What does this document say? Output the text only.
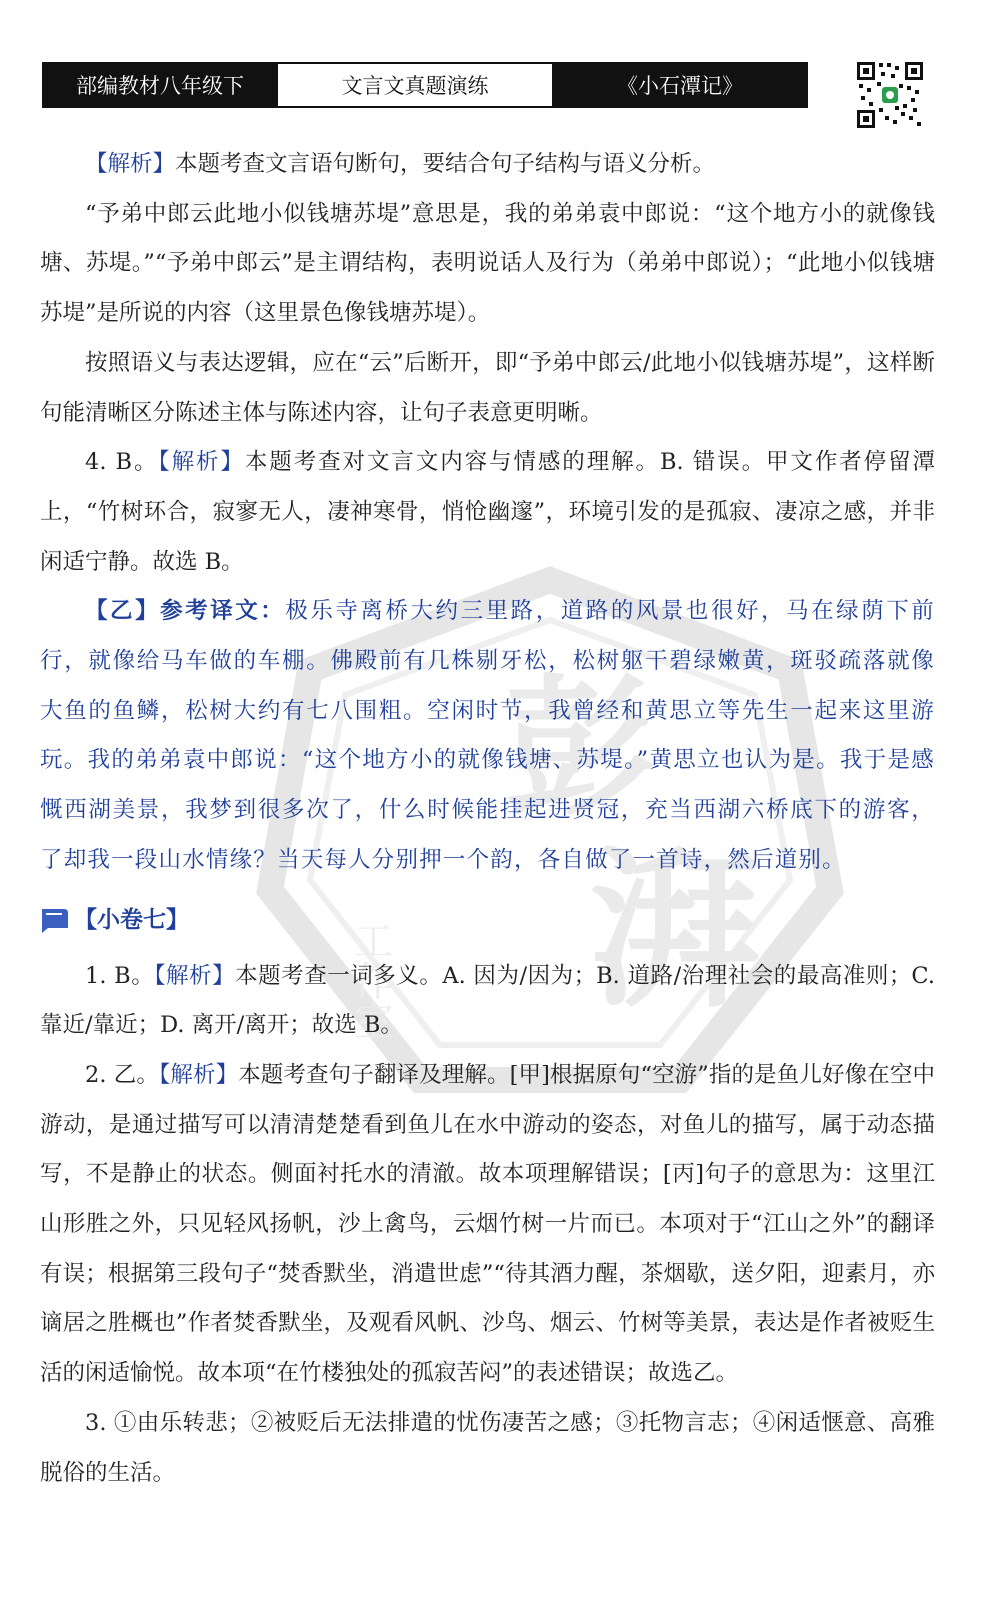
部编教材八年级下	文言文真题演练	《小石潭记》
彭
湃
工作室

【解析】本题考查文言语句断句，要结合句子结构与语义分析。

“予弟中郎云此地小似钱塘苏堤”意思是，我的弟弟袁中郎说：“这个地方小的就像钱塘、苏堤。”“予弟中郎云”是主谓结构，表明说话人及行为（弟弟中郎说）；“此地小似钱塘苏堤”是所说的内容（这里景色像钱塘苏堤）。

按照语义与表达逻辑，应在“云”后断开，即“予弟中郎云/此地小似钱塘苏堤”，这样断句能清晰区分陈述主体与陈述内容，让句子表意更明晰。

4. B。【解析】本题考查对文言文内容与情感的理解。B. 错误。甲文作者停留潭上，“竹树环合，寂寥无人，凄神寒骨，悄怆幽邃”，环境引发的是孤寂、凄凉之感，并非闲适宁静。故选 B。

【乙】参考译文：极乐寺离桥大约三里路，道路的风景也很好，马在绿荫下前行，就像给马车做的车棚。佛殿前有几株剔牙松，松树躯干碧绿嫩黄，斑驳疏落就像大鱼的鱼鳞，松树大约有七八围粗。空闲时节，我曾经和黄思立等先生一起来这里游玩。我的弟弟袁中郎说：“这个地方小的就像钱塘、苏堤。”黄思立也认为是。我于是感慨西湖美景，我梦到很多次了，什么时候能挂起进贤冠，充当西湖六桥底下的游客，了却我一段山水情缘？当天每人分别押一个韵，各自做了一首诗，然后道别。

【小卷七】

1. B。【解析】本题考查一词多义。A. 因为/因为；B. 道路/治理社会的最高准则；C. 靠近/靠近；D. 离开/离开；故选 B。

2. 乙。【解析】本题考查句子翻译及理解。[甲]根据原句“空游”指的是鱼儿好像在空中游动，是通过描写可以清清楚楚看到鱼儿在水中游动的姿态，对鱼儿的描写，属于动态描写，不是静止的状态。侧面衬托水的清澈。故本项理解错误；[丙]句子的意思为：这里江山形胜之外，只见轻风扬帆，沙上禽鸟，云烟竹树一片而已。本项对于“江山之外”的翻译有误；根据第三段句子“焚香默坐，消遣世虑”“待其酒力醒，茶烟歇，送夕阳，迎素月，亦谪居之胜概也”作者焚香默坐，及观看风帆、沙鸟、烟云、竹树等美景，表达是作者被贬生活的闲适愉悦。故本项“在竹楼独处的孤寂苦闷”的表述错误；故选乙。

3. ①由乐转悲；②被贬后无法排遣的忧伤凄苦之感；③托物言志；④闲适惬意、高雅脱俗的生活。
